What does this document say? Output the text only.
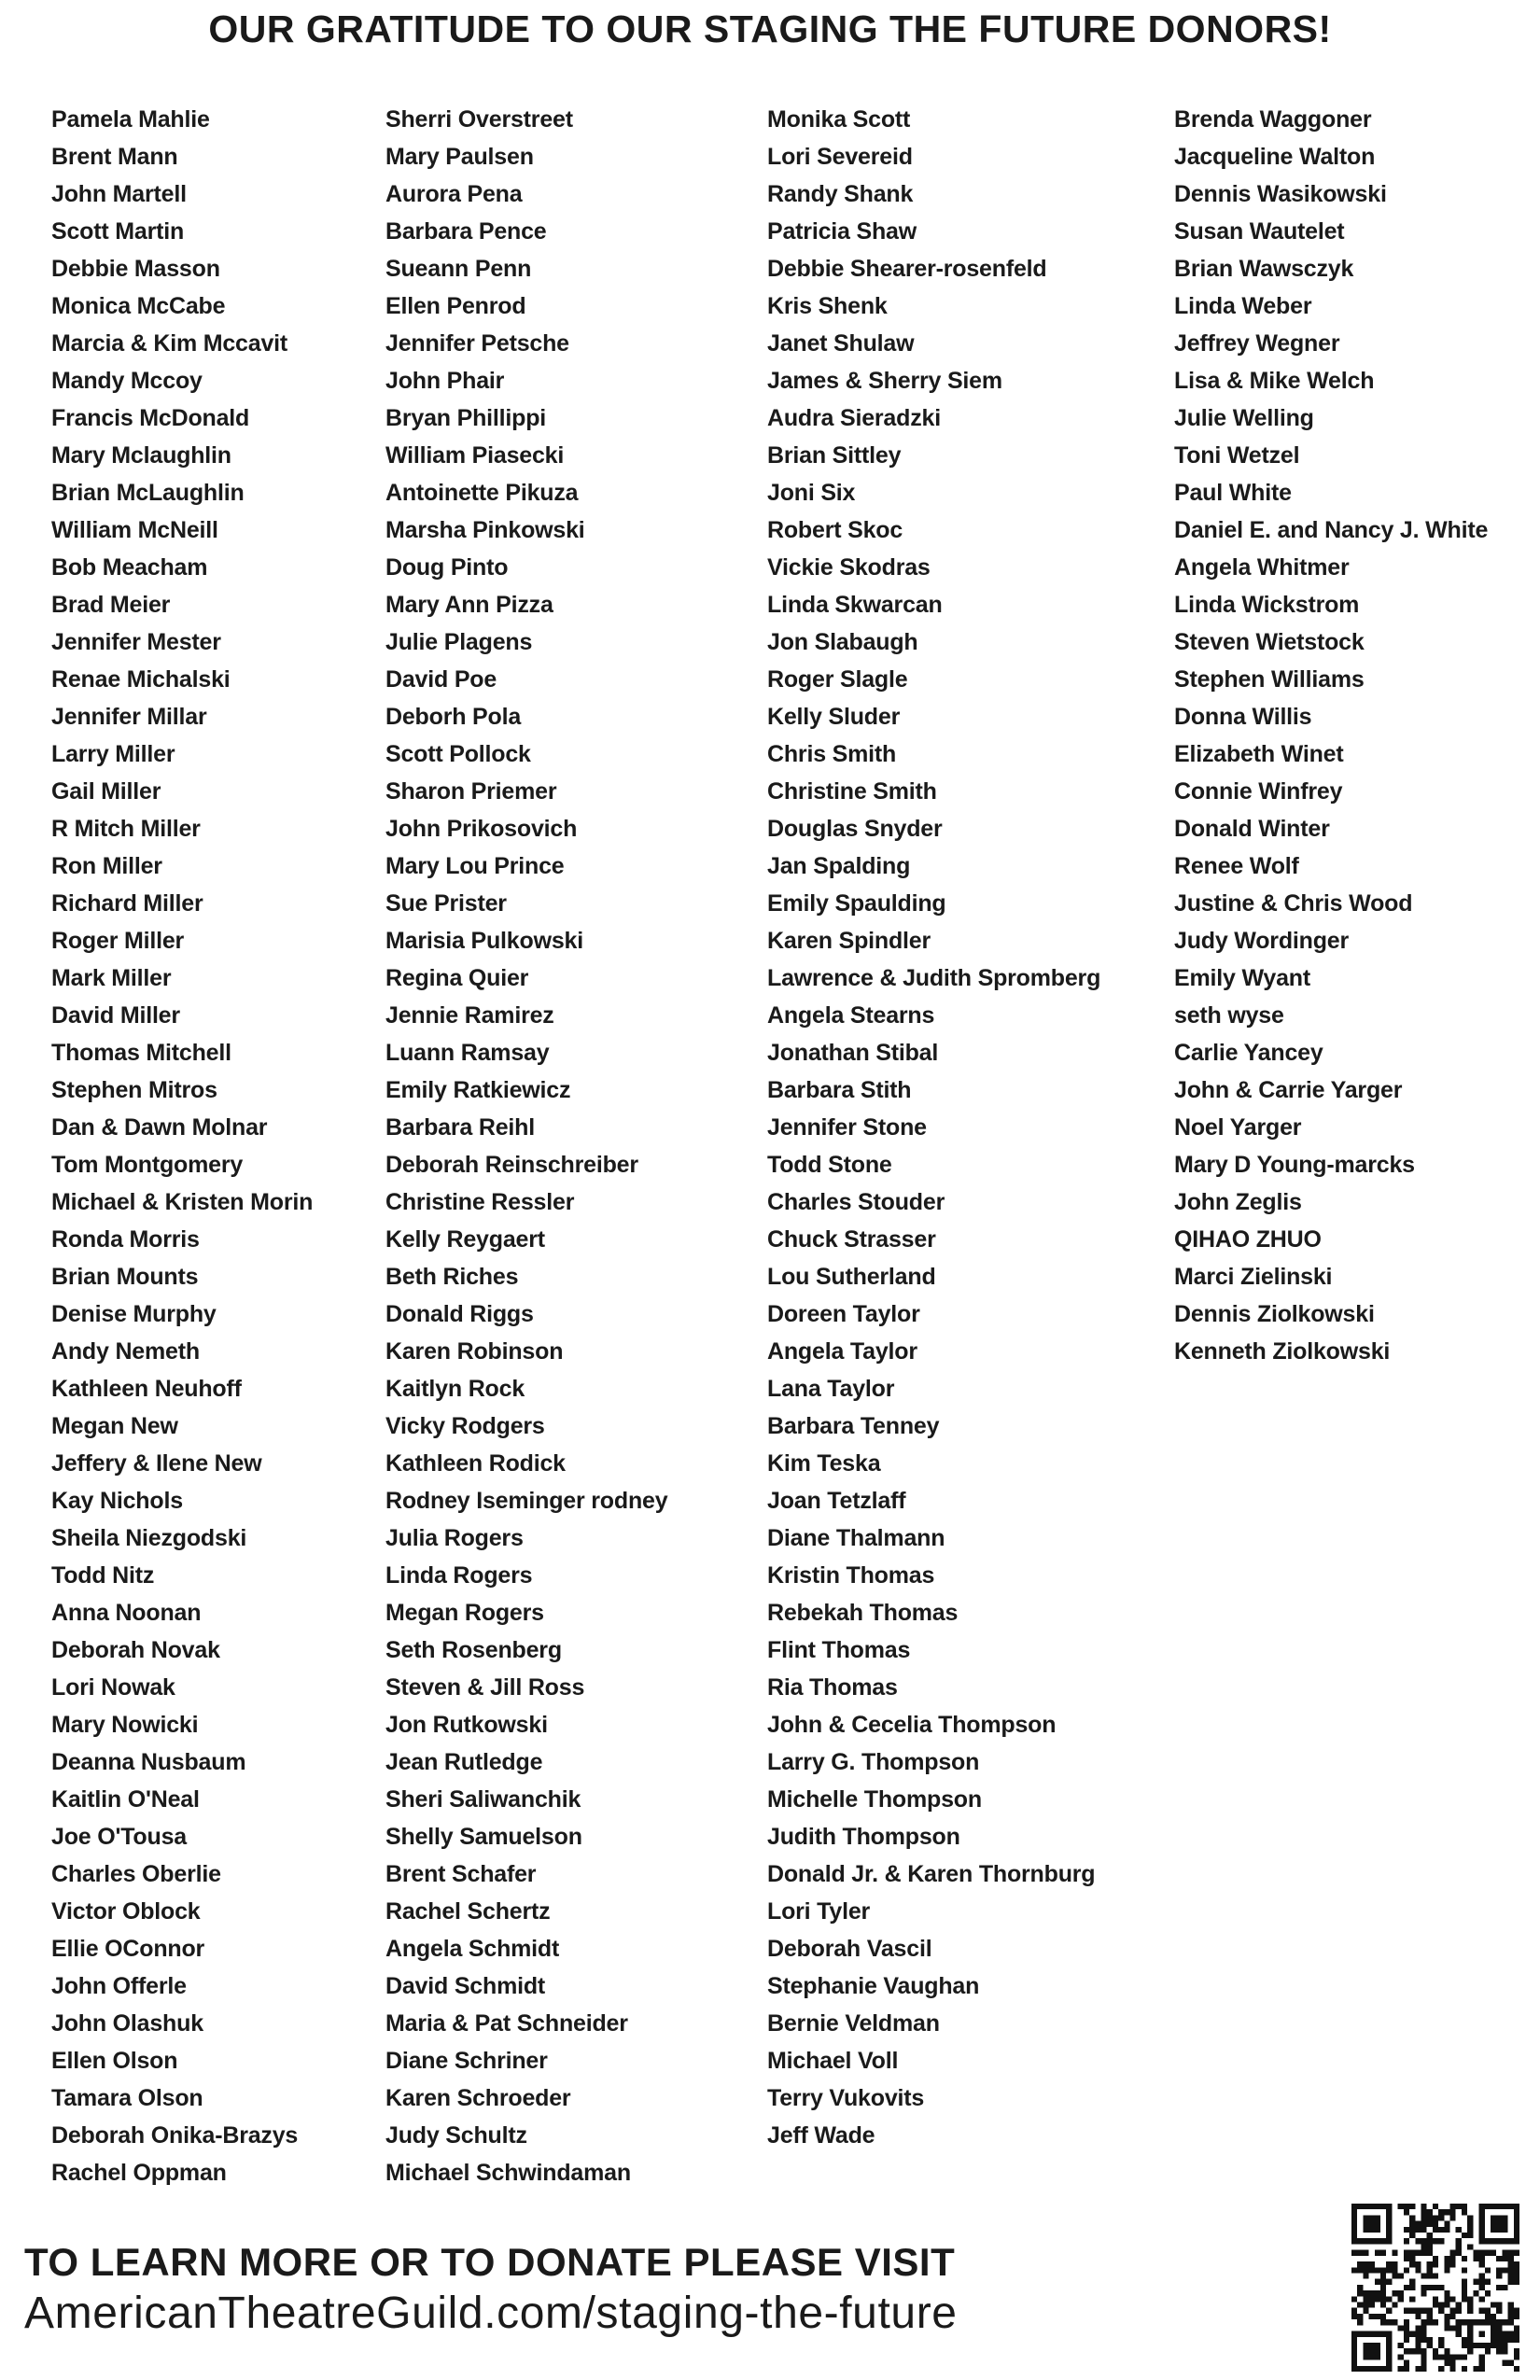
OUR GRATITUDE TO OUR STAGING THE FUTURE DONORS!
Pamela Mahlie
Brent Mann
John Martell
Scott Martin
Debbie Masson
Monica McCabe
Marcia & Kim Mccavit
Mandy Mccoy
Francis McDonald
Mary Mclaughlin
Brian McLaughlin
William McNeill
Bob Meacham
Brad Meier
Jennifer Mester
Renae Michalski
Jennifer Millar
Larry Miller
Gail Miller
R Mitch Miller
Ron Miller
Richard Miller
Roger Miller
Mark Miller
David Miller
Thomas Mitchell
Stephen Mitros
Dan & Dawn Molnar
Tom Montgomery
Michael & Kristen Morin
Ronda Morris
Brian Mounts
Denise Murphy
Andy Nemeth
Kathleen Neuhoff
Megan New
Jeffery & Ilene New
Kay Nichols
Sheila Niezgodski
Todd Nitz
Anna Noonan
Deborah Novak
Lori Nowak
Mary Nowicki
Deanna Nusbaum
Kaitlin O'Neal
Joe O'Tousa
Charles Oberlie
Victor Oblock
Ellie OConnor
John Offerle
John Olashuk
Ellen Olson
Tamara Olson
Deborah Onika-Brazys
Rachel Oppman
Sherri Overstreet
Mary Paulsen
Aurora Pena
Barbara Pence
Sueann Penn
Ellen Penrod
Jennifer Petsche
John Phair
Bryan Phillippi
William Piasecki
Antoinette Pikuza
Marsha Pinkowski
Doug Pinto
Mary Ann Pizza
Julie Plagens
David Poe
Deborh Pola
Scott Pollock
Sharon Priemer
John Prikosovich
Mary Lou Prince
Sue Prister
Marisia Pulkowski
Regina Quier
Jennie Ramirez
Luann Ramsay
Emily Ratkiewicz
Barbara Reihl
Deborah Reinschreiber
Christine Ressler
Kelly Reygaert
Beth Riches
Donald Riggs
Karen Robinson
Kaitlyn Rock
Vicky Rodgers
Kathleen Rodick
Rodney Iseminger rodney
Julia Rogers
Linda Rogers
Megan Rogers
Seth Rosenberg
Steven & Jill Ross
Jon Rutkowski
Jean Rutledge
Sheri Saliwanchik
Shelly Samuelson
Brent Schafer
Rachel Schertz
Angela Schmidt
David Schmidt
Maria & Pat Schneider
Diane Schriner
Karen Schroeder
Judy Schultz
Michael Schwindaman
Monika Scott
Lori Severeid
Randy Shank
Patricia Shaw
Debbie Shearer-rosenfeld
Kris Shenk
Janet Shulaw
James & Sherry Siem
Audra Sieradzki
Brian Sittley
Joni Six
Robert Skoc
Vickie Skodras
Linda Skwarcan
Jon Slabaugh
Roger Slagle
Kelly Sluder
Chris Smith
Christine Smith
Douglas Snyder
Jan Spalding
Emily Spaulding
Karen Spindler
Lawrence & Judith Spromberg
Angela Stearns
Jonathan Stibal
Barbara Stith
Jennifer Stone
Todd Stone
Charles Stouder
Chuck Strasser
Lou Sutherland
Doreen Taylor
Angela Taylor
Lana Taylor
Barbara Tenney
Kim Teska
Joan Tetzlaff
Diane Thalmann
Kristin Thomas
Rebekah Thomas
Flint Thomas
Ria Thomas
John & Cecelia Thompson
Larry G. Thompson
Michelle Thompson
Judith Thompson
Donald Jr. & Karen Thornburg
Lori Tyler
Deborah Vascil
Stephanie Vaughan
Bernie Veldman
Michael Voll
Terry Vukovits
Jeff Wade
Brenda Waggoner
Jacqueline Walton
Dennis Wasikowski
Susan Wautelet
Brian Wawsczyk
Linda Weber
Jeffrey Wegner
Lisa & Mike Welch
Julie Welling
Toni Wetzel
Paul White
Daniel E. and Nancy J. White
Angela Whitmer
Linda Wickstrom
Steven Wietstock
Stephen Williams
Donna Willis
Elizabeth Winet
Connie Winfrey
Donald Winter
Renee Wolf
Justine & Chris Wood
Judy Wordinger
Emily Wyant
seth wyse
Carlie Yancey
John & Carrie Yarger
Noel Yarger
Mary D Young-marcks
John Zeglis
QIHAO ZHUO
Marci Zielinski
Dennis Ziolkowski
Kenneth Ziolkowski
TO LEARN MORE OR TO DONATE PLEASE VISIT
AmericanTheatreGuild.com/staging-the-future
